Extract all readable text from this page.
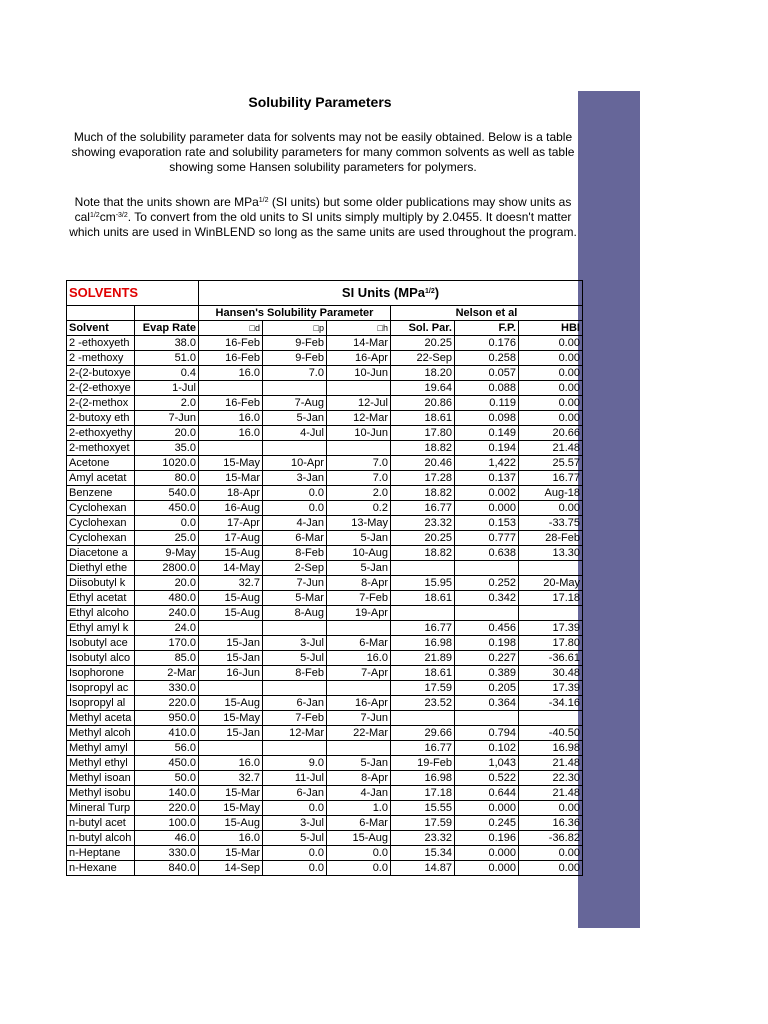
Solubility Parameters
Much of the solubility parameter data for solvents may not be easily obtained. Below is a table showing evaporation rate and solubility parameters for many common solvents as well as table showing some Hansen solubility parameters for polymers.
Note that the units shown are MPa$^{1/2}$ (SI units) but some older publications may show units as $cal^{1/2}cm^{-3/2}$. To convert from the old units to SI units simply multiply by 2.0455. It doesn't matter which units are used in WinBLEND so long as the same units are used throughout the program.
SOLVENTS		SI Units (MPa$^{1/2}$)					
		Hansen's Solubility Parameter			Nelson et al		
Solvent	Evap Rate	□d	□p	□h	Sol. Par.	F.P.	HBI
2 -ethoxyeth	38.0	16-Feb	9-Feb	14-Mar	20.25	0.176	0.00
2 -methoxy	51.0	16-Feb	9-Feb	16-Apr	22-Sep	0.258	0.00
2-(2-butoxye	0.4	16.0	7.0	10-Jun	18.20	0.057	0.00
2-(2-ethoxye	1-Jul				19.64	0.088	0.00
2-(2-methox	2.0	16-Feb	7-Aug	12-Jul	20.86	0.119	0.00
2-butoxy eth	7-Jun	16.0	5-Jan	12-Mar	18.61	0.098	0.00
2-ethoxyethy	20.0	16.0	4-Jul	10-Jun	17.80	0.149	20.66
2-methoxyet	35.0				18.82	0.194	21.48
Acetone	1020.0	15-May	10-Apr	7.0	20.46	1,422	25.57
Amyl acetat	80.0	15-Mar	3-Jan	7.0	17.28	0.137	16.77
Benzene	540.0	18-Apr	0.0	2.0	18.82	0.002	Aug-18
Cyclohexan	450.0	16-Aug	0.0	0.2	16.77	0.000	0.00
Cyclohexan	0.0	17-Apr	4-Jan	13-May	23.32	0.153	-33.75
Cyclohexan	25.0	17-Aug	6-Mar	5-Jan	20.25	0.777	28-Feb
Diacetone a	9-May	15-Aug	8-Feb	10-Aug	18.82	0.638	13.30
Diethyl ethe	2800.0	14-May	2-Sep	5-Jan			
Diisobutyl k	20.0	32.7	7-Jun	8-Apr	15.95	0.252	20-May
Ethyl acetat	480.0	15-Aug	5-Mar	7-Feb	18.61	0.342	17.18
Ethyl alcoho	240.0	15-Aug	8-Aug	19-Apr			
Ethyl amyl k	24.0				16.77	0.456	17.39
Isobutyl ace	170.0	15-Jan	3-Jul	6-Mar	16.98	0.198	17.80
Isobutyl alco	85.0	15-Jan	5-Jul	16.0	21.89	0.227	-36.61
Isophorone	2-Mar	16-Jun	8-Feb	7-Apr	18.61	0.389	30.48
Isopropyl ac	330.0				17.59	0.205	17.39
Isopropyl al	220.0	15-Aug	6-Jan	16-Apr	23.52	0.364	-34.16
Methyl aceta	950.0	15-May	7-Feb	7-Jun			
Methyl alcoh	410.0	15-Jan	12-Mar	22-Mar	29.66	0.794	-40.50
Methyl amyl	56.0				16.77	0.102	16.98
Methyl ethyl	450.0	16.0	9.0	5-Jan	19-Feb	1,043	21.48
Methyl isoan	50.0	32.7	11-Jul	8-Apr	16.98	0.522	22.30
Methyl isobu	140.0	15-Mar	6-Jan	4-Jan	17.18	0.644	21.48
Mineral Turp	220.0	15-May	0.0	1.0	15.55	0.000	0.00
n-butyl acet	100.0	15-Aug	3-Jul	6-Mar	17.59	0.245	16.36
n-butyl alcoh	46.0	16.0	5-Jul	15-Aug	23.32	0.196	-36.82
n-Heptane	330.0	15-Mar	0.0	0.0	15.34	0.000	0.00
n-Hexane	840.0	14-Sep	0.0	0.0	14.87	0.000	0.00
